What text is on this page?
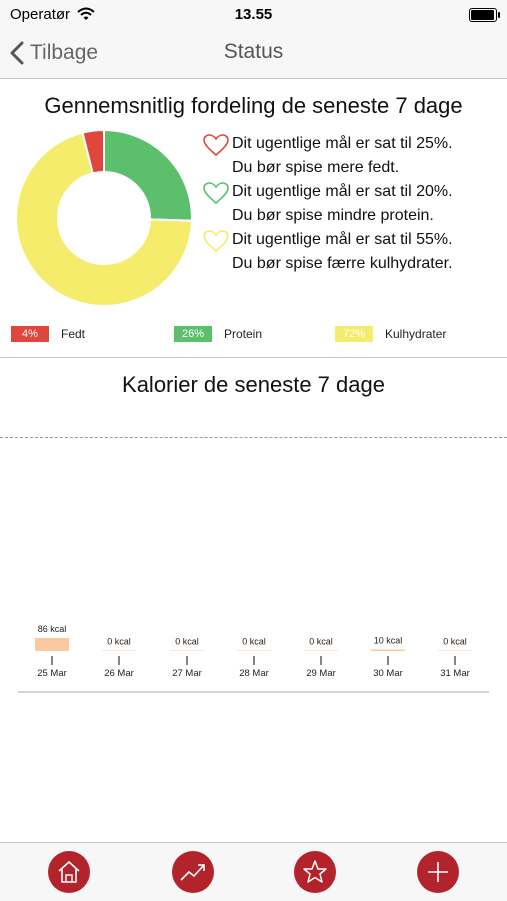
Operatør	13.55
Tilbage	Status
Gennemsnitlig fordeling de seneste 7 dage
Dit ugentlige mål er sat til 25%.
Du bør spise mere fedt.
Dit ugentlige mål er sat til 20%.
Du bør spise mindre protein.
Dit ugentlige mål er sat til 55%.
Du bør spise færre kulhydrater.
4%	Fedt	26%	Protein	72%	Kulhydrater
Kalorier de seneste 7 dage
86 kcal
25 Mar
0 kcal
26 Mar
0 kcal
27 Mar
0 kcal
28 Mar
0 kcal
29 Mar
10 kcal
30 Mar
0 kcal
31 Mar
